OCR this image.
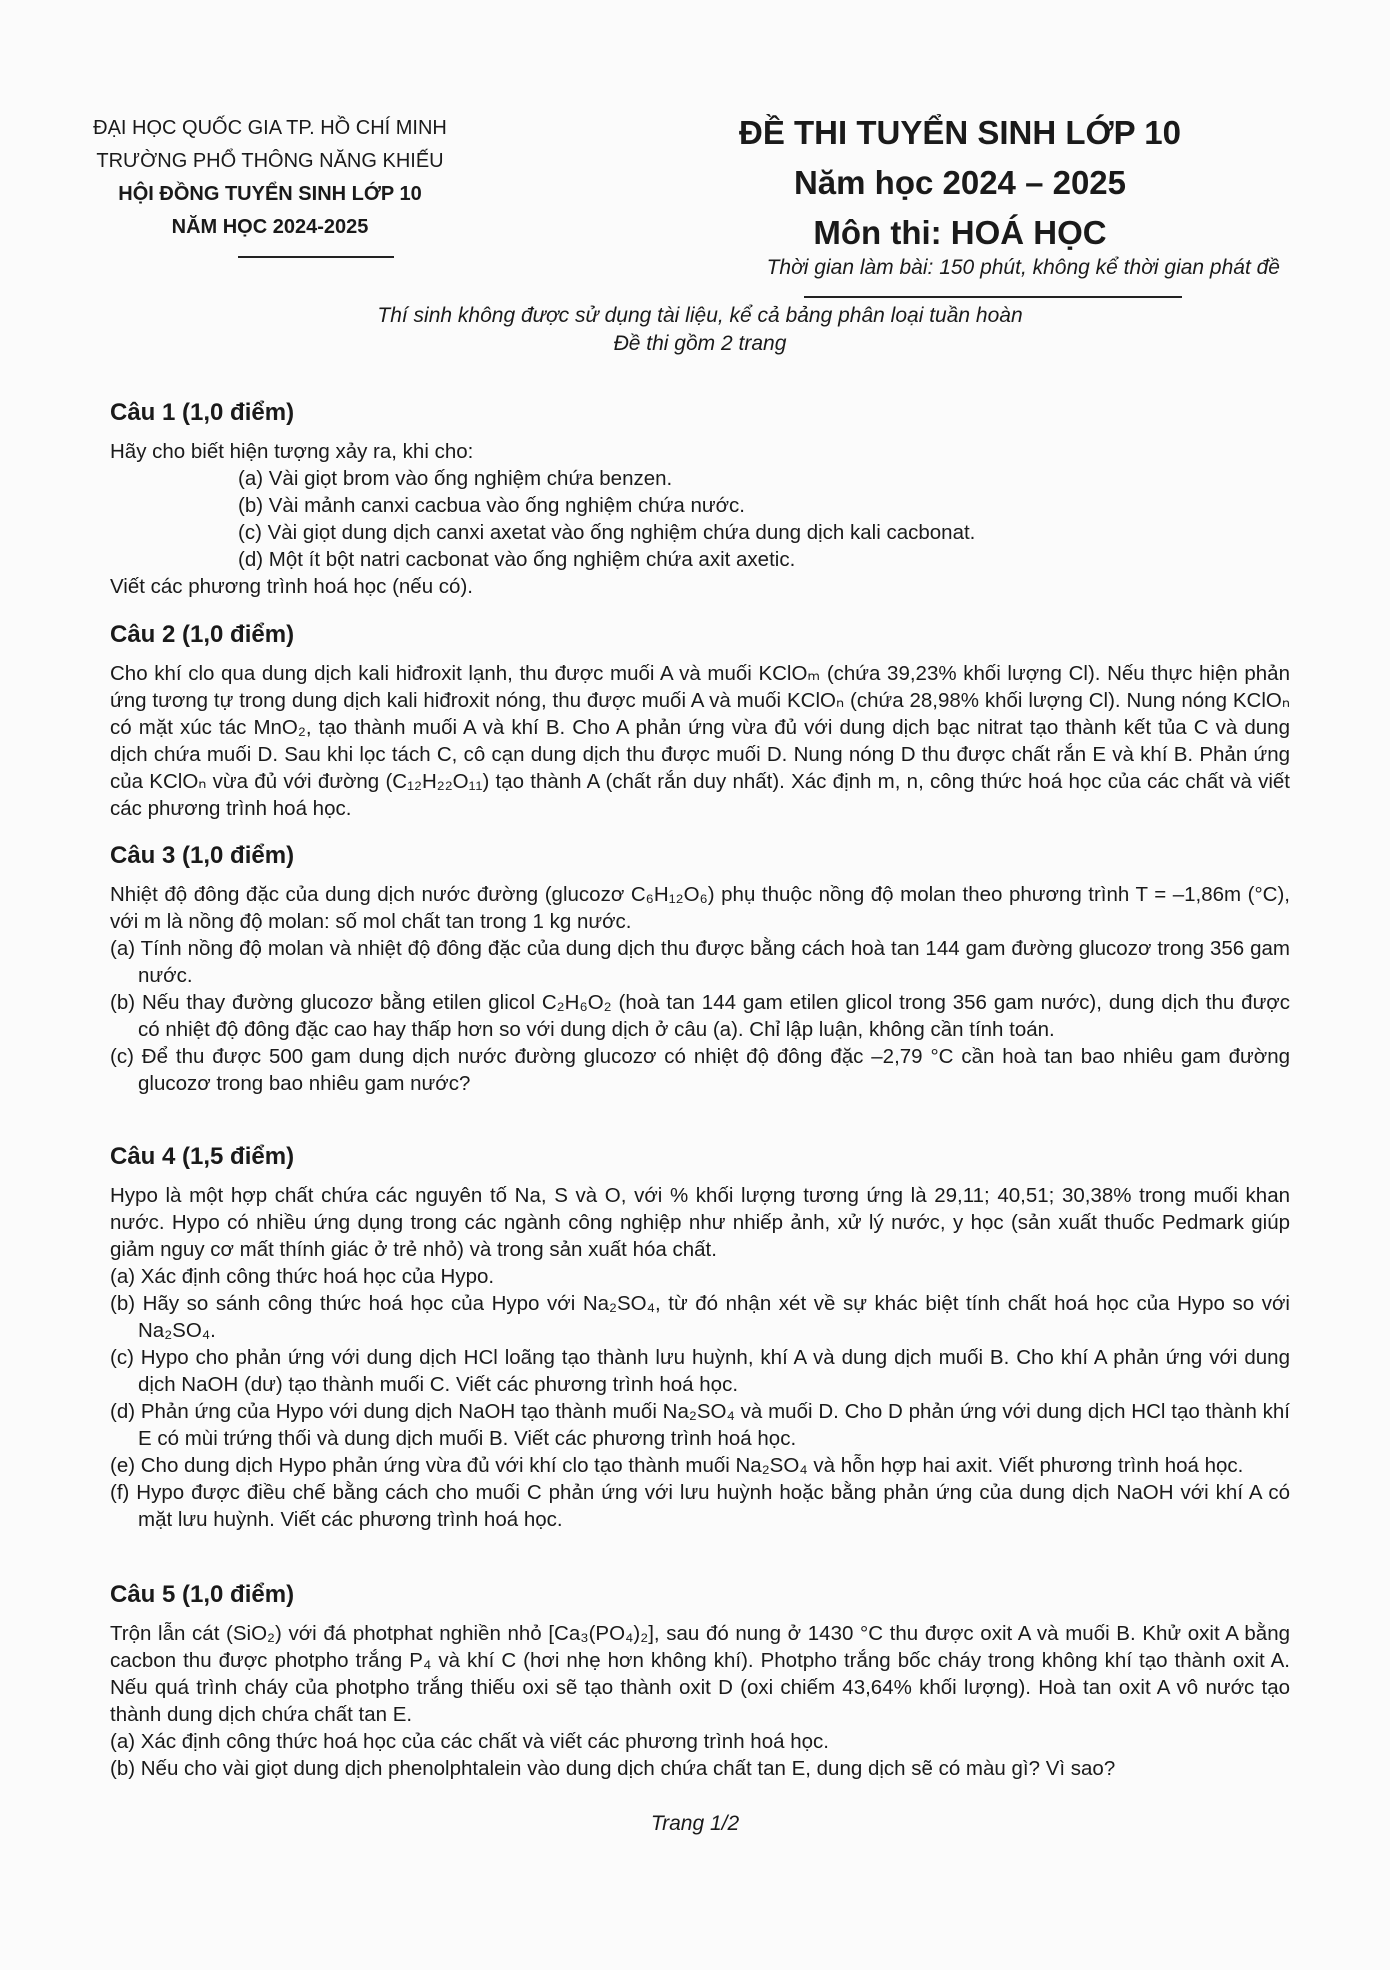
ĐẠI HỌC QUỐC GIA TP. HỒ CHÍ MINH
TRƯỜNG PHỔ THÔNG NĂNG KHIẾU
HỘI ĐỒNG TUYỂN SINH LỚP 10
NĂM HỌC 2024-2025
ĐỀ THI TUYỂN SINH LỚP 10
Năm học 2024 – 2025
Môn thi: HOÁ HỌC
Thời gian làm bài: 150 phút, không kể thời gian phát đề
Thí sinh không được sử dụng tài liệu, kể cả bảng phân loại tuần hoàn
Đề thi gồm 2 trang
Câu 1 (1,0 điểm)

Hãy cho biết hiện tượng xảy ra, khi cho:

(a) Vài giọt brom vào ống nghiệm chứa benzen.

(b) Vài mảnh canxi cacbua vào ống nghiệm chứa nước.

(c) Vài giọt dung dịch canxi axetat vào ống nghiệm chứa dung dịch kali cacbonat.

(d) Một ít bột natri cacbonat vào ống nghiệm chứa axit axetic.

Viết các phương trình hoá học (nếu có).

Câu 2 (1,0 điểm)

Cho khí clo qua dung dịch kali hiđroxit lạnh, thu được muối A và muối KClOₘ (chứa 39,23% khối lượng Cl). Nếu thực hiện phản ứng tương tự trong dung dịch kali hiđroxit nóng, thu được muối A và muối KClOₙ (chứa 28,98% khối lượng Cl). Nung nóng KClOₙ có mặt xúc tác MnO₂, tạo thành muối A và khí B. Cho A phản ứng vừa đủ với dung dịch bạc nitrat tạo thành kết tủa C và dung dịch chứa muối D. Sau khi lọc tách C, cô cạn dung dịch thu được muối D. Nung nóng D thu được chất rắn E và khí B. Phản ứng của KClOₙ vừa đủ với đường (C₁₂H₂₂O₁₁) tạo thành A (chất rắn duy nhất). Xác định m, n, công thức hoá học của các chất và viết các phương trình hoá học.

Câu 3 (1,0 điểm)

Nhiệt độ đông đặc của dung dịch nước đường (glucozơ C₆H₁₂O₆) phụ thuộc nồng độ molan theo phương trình T = –1,86m (°C), với m là nồng độ molan: số mol chất tan trong 1 kg nước.

(a) Tính nồng độ molan và nhiệt độ đông đặc của dung dịch thu được bằng cách hoà tan 144 gam đường glucozơ trong 356 gam nước.

(b) Nếu thay đường glucozơ bằng etilen glicol C₂H₆O₂ (hoà tan 144 gam etilen glicol trong 356 gam nước), dung dịch thu được có nhiệt độ đông đặc cao hay thấp hơn so với dung dịch ở câu (a). Chỉ lập luận, không cần tính toán.

(c) Để thu được 500 gam dung dịch nước đường glucozơ có nhiệt độ đông đặc –2,79 °C cần hoà tan bao nhiêu gam đường glucozơ trong bao nhiêu gam nước?

Câu 4 (1,5 điểm)

Hypo là một hợp chất chứa các nguyên tố Na, S và O, với % khối lượng tương ứng là 29,11; 40,51; 30,38% trong muối khan nước. Hypo có nhiều ứng dụng trong các ngành công nghiệp như nhiếp ảnh, xử lý nước, y học (sản xuất thuốc Pedmark giúp giảm nguy cơ mất thính giác ở trẻ nhỏ) và trong sản xuất hóa chất.

(a) Xác định công thức hoá học của Hypo.

(b) Hãy so sánh công thức hoá học của Hypo với Na₂SO₄, từ đó nhận xét về sự khác biệt tính chất hoá học của Hypo so với Na₂SO₄.

(c) Hypo cho phản ứng với dung dịch HCl loãng tạo thành lưu huỳnh, khí A và dung dịch muối B. Cho khí A phản ứng với dung dịch NaOH (dư) tạo thành muối C. Viết các phương trình hoá học.

(d) Phản ứng của Hypo với dung dịch NaOH tạo thành muối Na₂SO₄ và muối D. Cho D phản ứng với dung dịch HCl tạo thành khí E có mùi trứng thối và dung dịch muối B. Viết các phương trình hoá học.

(e) Cho dung dịch Hypo phản ứng vừa đủ với khí clo tạo thành muối Na₂SO₄ và hỗn hợp hai axit. Viết phương trình hoá học.

(f) Hypo được điều chế bằng cách cho muối C phản ứng với lưu huỳnh hoặc bằng phản ứng của dung dịch NaOH với khí A có mặt lưu huỳnh. Viết các phương trình hoá học.

Câu 5 (1,0 điểm)

Trộn lẫn cát (SiO₂) với đá photphat nghiền nhỏ [Ca₃(PO₄)₂], sau đó nung ở 1430 °C thu được oxit A và muối B. Khử oxit A bằng cacbon thu được photpho trắng P₄ và khí C (hơi nhẹ hơn không khí). Photpho trắng bốc cháy trong không khí tạo thành oxit A. Nếu quá trình cháy của photpho trắng thiếu oxi sẽ tạo thành oxit D (oxi chiếm 43,64% khối lượng). Hoà tan oxit A vô nước tạo thành dung dịch chứa chất tan E.

(a) Xác định công thức hoá học của các chất và viết các phương trình hoá học.

(b) Nếu cho vài giọt dung dịch phenolphtalein vào dung dịch chứa chất tan E, dung dịch sẽ có màu gì? Vì sao?

Trang 1/2
